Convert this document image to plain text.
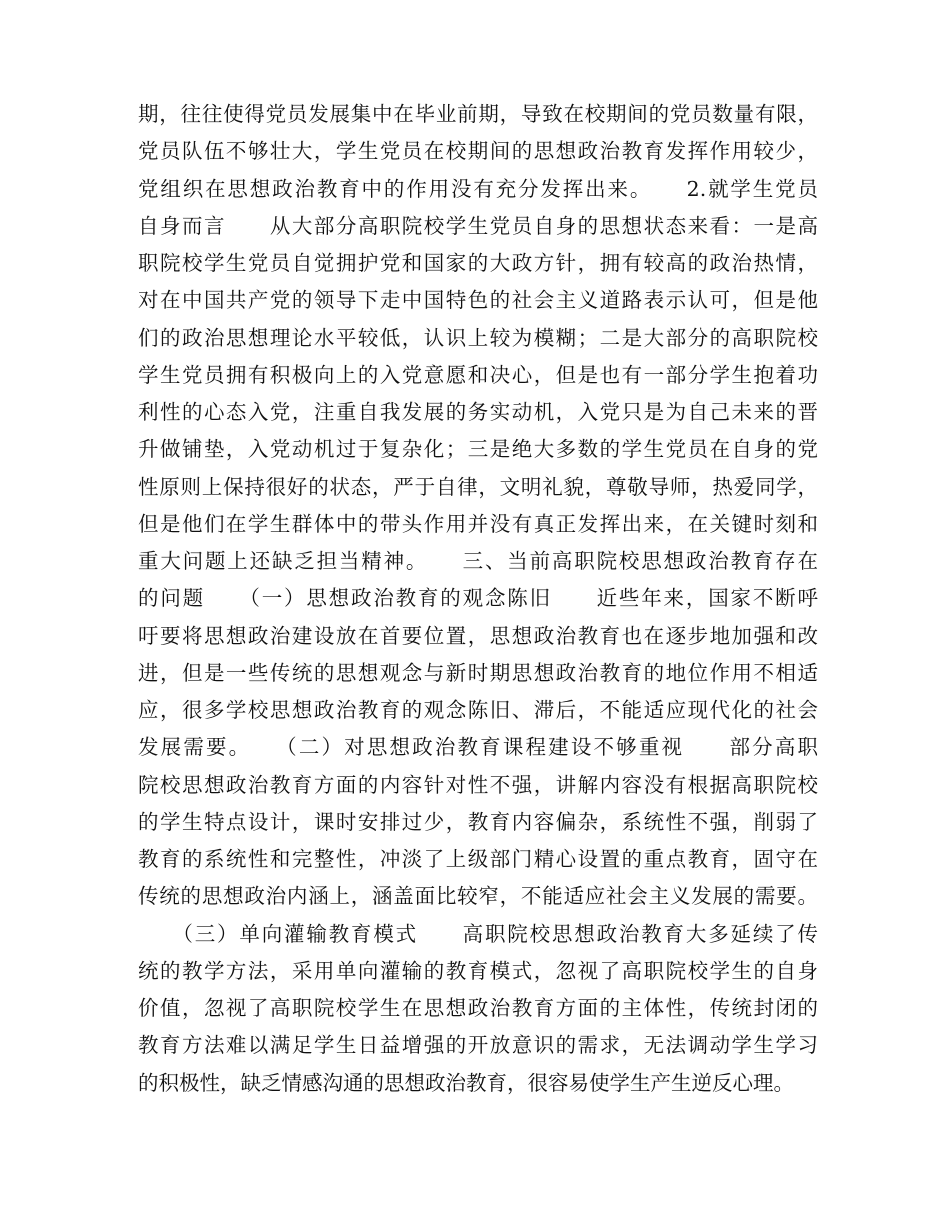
期，往往使得党员发展集中在毕业前期，导致在校期间的党员数量有限，
党员队伍不够壮大，学生党员在校期间的思想政治教育发挥作用较少，
党组织在思想政治教育中的作用没有充分发挥出来。　　2.就学生党员
自身而言　　从大部分高职院校学生党员自身的思想状态来看：一是高
职院校学生党员自觉拥护党和国家的大政方针，拥有较高的政治热情，
对在中国共产党的领导下走中国特色的社会主义道路表示认可，但是他
们的政治思想理论水平较低，认识上较为模糊；二是大部分的高职院校
学生党员拥有积极向上的入党意愿和决心，但是也有一部分学生抱着功
利性的心态入党，注重自我发展的务实动机，入党只是为自己未来的晋
升做铺垫，入党动机过于复杂化；三是绝大多数的学生党员在自身的党
性原则上保持很好的状态，严于自律，文明礼貌，尊敬导师，热爱同学，
但是他们在学生群体中的带头作用并没有真正发挥出来，在关键时刻和
重大问题上还缺乏担当精神。　　三、当前高职院校思想政治教育存在
的问题　　（一）思想政治教育的观念陈旧　　近些年来，国家不断呼
吁要将思想政治建设放在首要位置，思想政治教育也在逐步地加强和改
进，但是一些传统的思想观念与新时期思想政治教育的地位作用不相适
应，很多学校思想政治教育的观念陈旧、滞后，不能适应现代化的社会
发展需要。　　（二）对思想政治教育课程建设不够重视　　部分高职
院校思想政治教育方面的内容针对性不强，讲解内容没有根据高职院校
的学生特点设计，课时安排过少，教育内容偏杂，系统性不强，削弱了
教育的系统性和完整性，冲淡了上级部门精心设置的重点教育，固守在
传统的思想政治内涵上，涵盖面比较窄，不能适应社会主义发展的需要。
　　（三）单向灌输教育模式　　高职院校思想政治教育大多延续了传
统的教学方法，采用单向灌输的教育模式，忽视了高职院校学生的自身
价值，忽视了高职院校学生在思想政治教育方面的主体性，传统封闭的
教育方法难以满足学生日益增强的开放意识的需求，无法调动学生学习
的积极性，缺乏情感沟通的思想政治教育，很容易使学生产生逆反心理。
